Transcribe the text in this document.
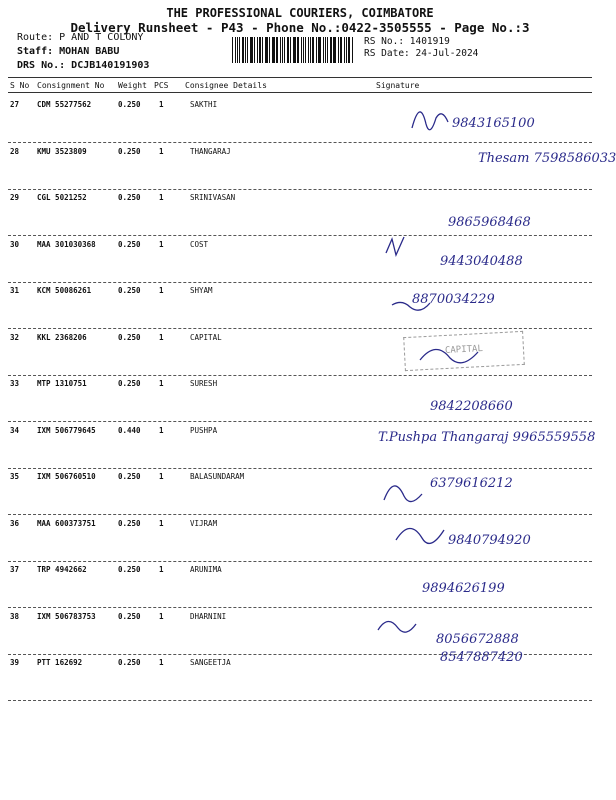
THE PROFESSIONAL COURIERS, COIMBATORE
Delivery Runsheet - P43 - Phone No.:0422-3505555 - Page No.:3
Route: P AND T COLONY
Staff: MOHAN BABU
DRS No.: DCJB140191903
RS No.: 1401919
RS Date: 24-Jul-2024
S No Consignment No Weight PCS Consignee Details	Signature
27 CDM 55277562	0.250 1	SAKTHI
9843165100
28 KMU 3523809	0.250 1	THANGARAJ	Thesam 7598586033
29 CGL 5021252	0.250 1	SRINIVASAN
9865968468
30 MAA 301030368	0.250 1	COST
9443040488
31 KCM 50086261	0.250 1	SHYAM
8870034229
32 KKL 2368206	0.250 1	CAPITAL
33 MTP 1310751	0.250 1	SURESH
9842208660
34 IXM 506779645	0.440 1	PUSHPA	T.Pushpa Thangaraj 9965559558
35 IXM 506760510	0.250 1	BALASUNDARAM	6379616212
36 MAA 600373751	0.250 1	VIJRAM
9840794920
37 TRP 4942662	0.250 1	ARUNIMA
9894626199
38 IXM 506783753	0.250 1	DHARNINI
8056672888
39 PTT 162692	0.250 1	SANGEETJA	8547887420
CAPITAL
